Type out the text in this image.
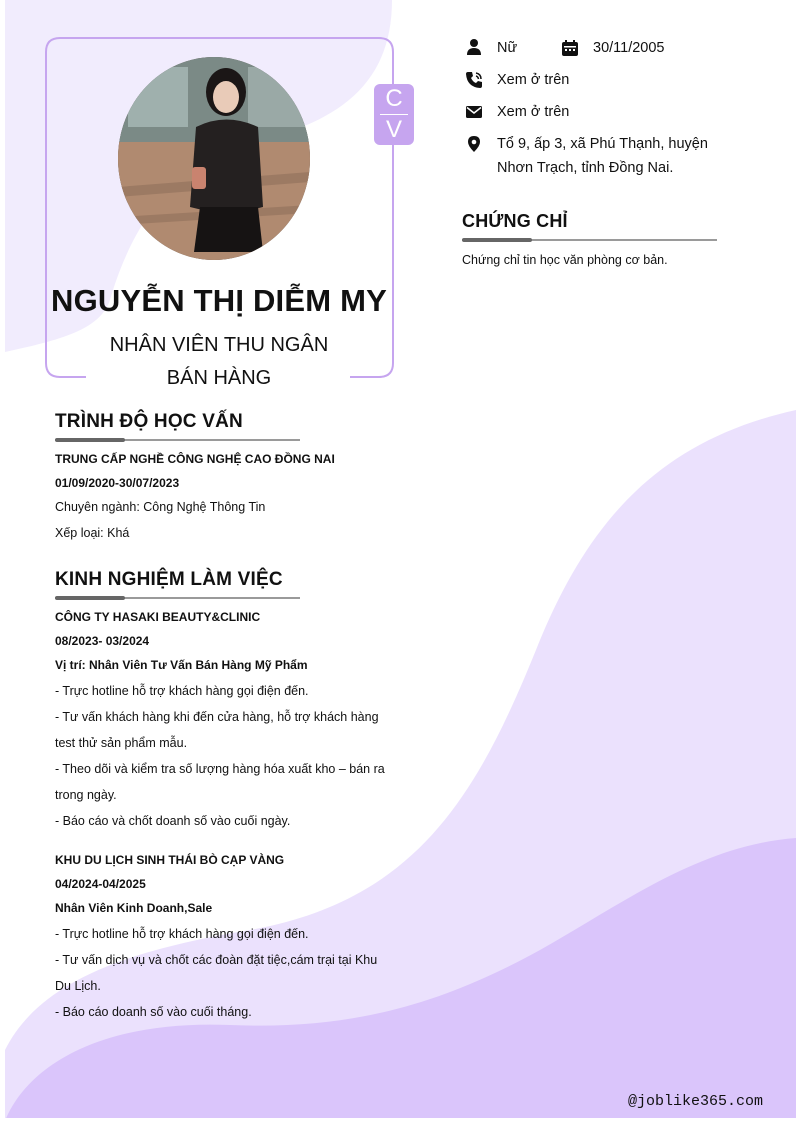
C
V
NGUYỄN THỊ DIỄM MY
NHÂN VIÊN THU NGÂN
BÁN HÀNG
Nữ	30/11/2005
Xem ở trên
Xem ở trên
Tổ 9, ấp 3, xã Phú Thạnh, huyện
Nhơn Trạch, tỉnh Đồng Nai.
CHỨNG CHỈ
Chứng chỉ tin học văn phòng cơ bản.
TRÌNH ĐỘ HỌC VẤN
TRUNG CẤP NGHỀ CÔNG NGHỆ CAO ĐỒNG NAI
01/09/2020-30/07/2023
Chuyên ngành: Công Nghệ Thông Tin
Xếp loại: Khá
KINH NGHIỆM LÀM VIỆC
CÔNG TY HASAKI BEAUTY&CLINIC
08/2023- 03/2024
Vị trí: Nhân Viên Tư Vấn Bán Hàng Mỹ Phẩm
- Trực hotline hỗ trợ khách hàng gọi điện đến.
- Tư vấn khách hàng khi đến cửa hàng, hỗ trợ khách hàng
test thử sản phẩm mẫu.
- Theo dõi và kiểm tra số lượng hàng hóa xuất kho – bán ra
trong ngày.
- Báo cáo và chốt doanh số vào cuối ngày.
KHU DU LỊCH SINH THÁI BÒ CẠP VÀNG
04/2024-04/2025
Nhân Viên Kinh Doanh,Sale
- Trực hotline hỗ trợ khách hàng gọi điện đến.
- Tư vấn dịch vụ và chốt các đoàn đặt tiệc,cám trại tại Khu
Du Lịch.
- Báo cáo doanh số vào cuối tháng.
@joblike365.com
